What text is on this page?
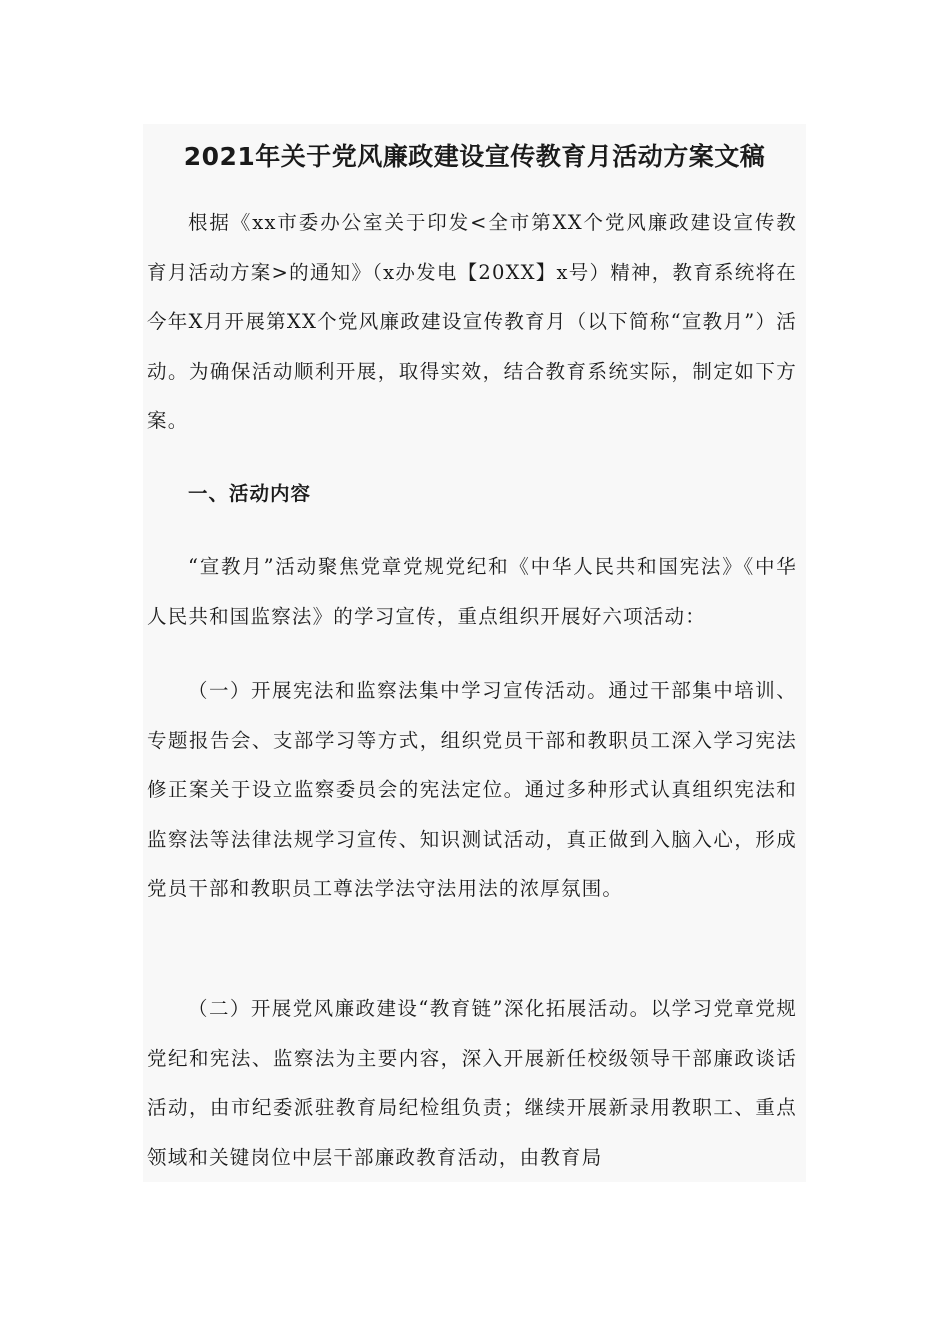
2021年关于党风廉政建设宣传教育月活动方案文稿

根据《xx市委办公室关于印发<全市第XX个党风廉政建设宣传教育月活动方案>的通知》（x办发电【20XX】x号）精神，教育系统将在今年X月开展第XX个党风廉政建设宣传教育月（以下简称“宣教月”）活动。为确保活动顺利开展，取得实效，结合教育系统实际，制定如下方案。

一、活动内容

“宣教月”活动聚焦党章党规党纪和《中华人民共和国宪法》《中华人民共和国监察法》的学习宣传，重点组织开展好六项活动：

（一）开展宪法和监察法集中学习宣传活动。通过干部集中培训、专题报告会、支部学习等方式，组织党员干部和教职员工深入学习宪法修正案关于设立监察委员会的宪法定位。通过多种形式认真组织宪法和监察法等法律法规学习宣传、知识测试活动，真正做到入脑入心，形成党员干部和教职员工尊法学法守法用法的浓厚氛围。

（二）开展党风廉政建设“教育链”深化拓展活动。以学习党章党规党纪和宪法、监察法为主要内容，深入开展新任校级领导干部廉政谈话活动，由市纪委派驻教育局纪检组负责；继续开展新录用教职工、重点领域和关键岗位中层干部廉政教育活动，由教育局
